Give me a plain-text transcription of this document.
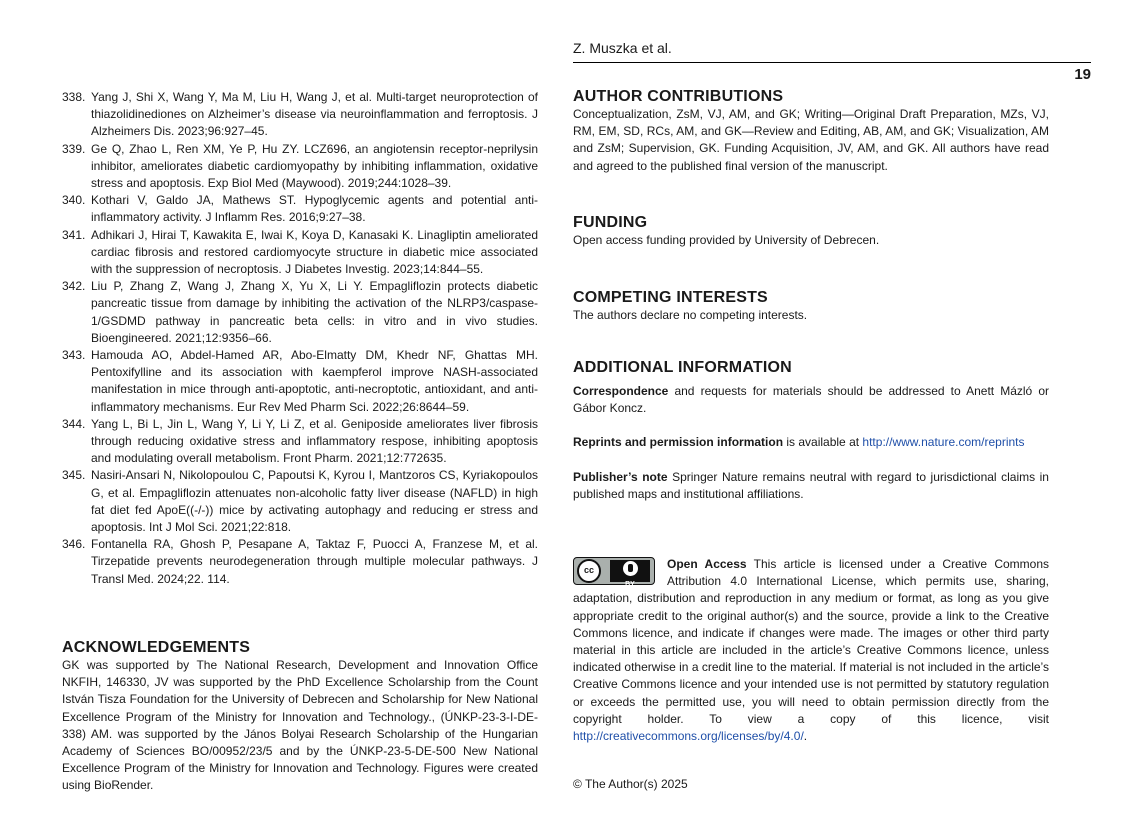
Z. Muszka et al.
19
338. Yang J, Shi X, Wang Y, Ma M, Liu H, Wang J, et al. Multi-target neuroprotection of thiazolidinediones on Alzheimer’s disease via neuroinflammation and ferroptosis. J Alzheimers Dis. 2023;96:927–45.
339. Ge Q, Zhao L, Ren XM, Ye P, Hu ZY. LCZ696, an angiotensin receptor-neprilysin inhibitor, ameliorates diabetic cardiomyopathy by inhibiting inflammation, oxidative stress and apoptosis. Exp Biol Med (Maywood). 2019;244:1028–39.
340. Kothari V, Galdo JA, Mathews ST. Hypoglycemic agents and potential anti-inflammatory activity. J Inflamm Res. 2016;9:27–38.
341. Adhikari J, Hirai T, Kawakita E, Iwai K, Koya D, Kanasaki K. Linagliptin ameliorated cardiac fibrosis and restored cardiomyocyte structure in diabetic mice associated with the suppression of necroptosis. J Diabetes Investig. 2023;14:844–55.
342. Liu P, Zhang Z, Wang J, Zhang X, Yu X, Li Y. Empagliflozin protects diabetic pancreatic tissue from damage by inhibiting the activation of the NLRP3/caspase-1/GSDMD pathway in pancreatic beta cells: in vitro and in vivo studies. Bioengineered. 2021;12:9356–66.
343. Hamouda AO, Abdel-Hamed AR, Abo-Elmatty DM, Khedr NF, Ghattas MH. Pentoxifylline and its association with kaempferol improve NASH-associated manifestation in mice through anti-apoptotic, anti-necroptotic, antioxidant, and anti-inflammatory mechanisms. Eur Rev Med Pharm Sci. 2022;26:8644–59.
344. Yang L, Bi L, Jin L, Wang Y, Li Y, Li Z, et al. Geniposide ameliorates liver fibrosis through reducing oxidative stress and inflammatory respose, inhibiting apoptosis and modulating overall metabolism. Front Pharm. 2021;12:772635.
345. Nasiri-Ansari N, Nikolopoulou C, Papoutsi K, Kyrou I, Mantzoros CS, Kyriakopoulos G, et al. Empagliflozin attenuates non-alcoholic fatty liver disease (NAFLD) in high fat diet fed ApoE((-/-)) mice by activating autophagy and reducing er stress and apoptosis. Int J Mol Sci. 2021;22:818.
346. Fontanella RA, Ghosh P, Pesapane A, Taktaz F, Puocci A, Franzese M, et al. Tirzepatide prevents neurodegeneration through multiple molecular pathways. J Transl Med. 2024;22. 114.
ACKNOWLEDGEMENTS

GK was supported by The National Research, Development and Innovation Office NKFIH, 146330, JV was supported by the PhD Excellence Scholarship from the Count István Tisza Foundation for the University of Debrecen and Scholarship for New National Excellence Program of the Ministry for Innovation and Technology., (ÚNKP-23-3-I-DE-338) AM. was supported by the János Bolyai Research Scholarship of the Hungarian Academy of Sciences BO/00952/23/5 and by the ÚNKP-23-5-DE-500 New National Excellence Program of the Ministry for Innovation and Technology. Figures were created using BioRender.

AUTHOR CONTRIBUTIONS

Conceptualization, ZsM, VJ, AM, and GK; Writing—Original Draft Preparation, MZs, VJ, RM, EM, SD, RCs, AM, and GK—Review and Editing, AB, AM, and GK; Visualization, AM and ZsM; Supervision, GK. Funding Acquisition, JV, AM, and GK. All authors have read and agreed to the published final version of the manuscript.

FUNDING

Open access funding provided by University of Debrecen.

COMPETING INTERESTS

The authors declare no competing interests.

ADDITIONAL INFORMATION

Correspondence and requests for materials should be addressed to Anett Mázló or Gábor Koncz.

Reprints and permission information is available at http://www.nature.com/reprints

Publisher’s note Springer Nature remains neutral with regard to jurisdictional claims in published maps and institutional affiliations.

cc
BY
Open Access This article is licensed under a Creative Commons Attribution 4.0 International License, which permits use, sharing, adaptation, distribution and reproduction in any medium or format, as long as you give appropriate credit to the original author(s) and the source, provide a link to the Creative Commons licence, and indicate if changes were made. The images or other third party material in this article are included in the article’s Creative Commons licence, unless indicated otherwise in a credit line to the material. If material is not included in the article’s Creative Commons licence and your intended use is not permitted by statutory regulation or exceeds the permitted use, you will need to obtain permission directly from the copyright holder. To view a copy of this licence, visit http://creativecommons.org/licenses/by/4.0/.

© The Author(s) 2025
